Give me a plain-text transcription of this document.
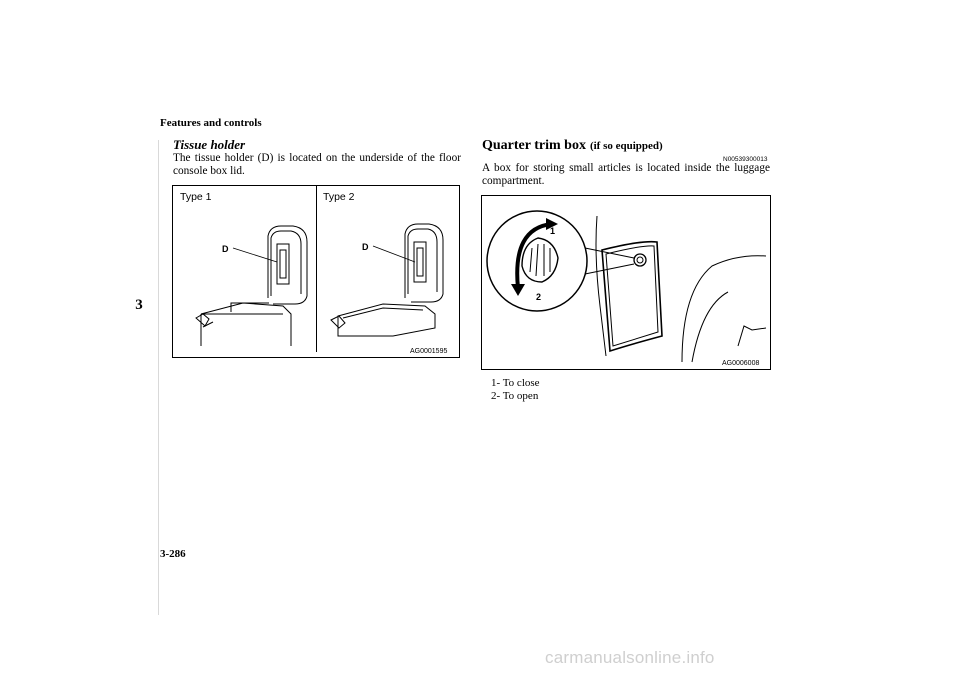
Features and controls
3
Tissue holder
The tissue holder (D) is located on the underside of the floor console box lid.
D	D
Type 1	Type 2
AG0001595
Quarter trim box (if so equipped)
N00539300013
A box for storing small articles is located inside the luggage compartment.
1
2
AG0006008
1- To close
2- To open
3-286
carmanualsonline.info
